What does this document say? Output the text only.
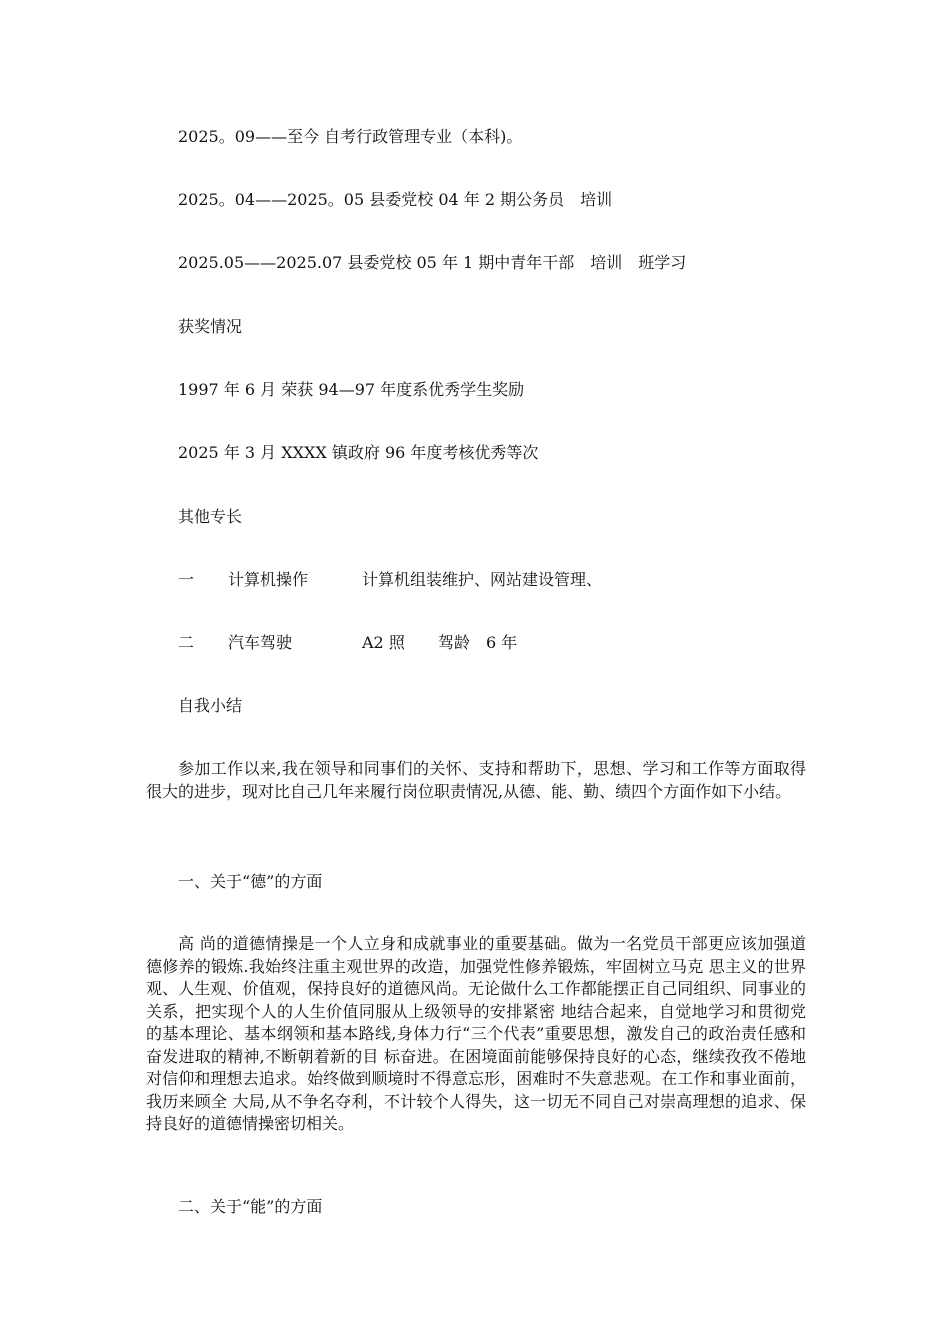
2025。09——至今 自考行政管理专业（本科)。
2025。04——2025。05 县委党校 04 年 2 期公务员　培训
2025.05——2025.07 县委党校 05 年 1 期中青年干部　培训　班学习
获奖情况
1997 年 6 月 荣获 94—97 年度系优秀学生奖励
2025 年 3 月 XXXX 镇政府 96 年度考核优秀等次
其他专长
一 计算机操作	计算机组装维护、网站建设管理、
二 汽车驾驶	A2 照 驾龄　6 年
自我小结
参加工作以来,我在领导和同事们的关怀、支持和帮助下，思想、学习和工作等方面取得很大的进步，现对比自己几年来履行岗位职责情况,从德、能、勤、绩四个方面作如下小结。
一、关于“德”的方面
高 尚的道德情操是一个人立身和成就事业的重要基础。做为一名党员干部更应该加强道德修养的锻炼.我始终注重主观世界的改造，加强党性修养锻炼，牢固树立马克 思主义的世界观、人生观、价值观，保持良好的道德风尚。无论做什么工作都能摆正自己同组织、同事业的关系，把实现个人的人生价值同服从上级领导的安排紧密 地结合起来，自觉地学习和贯彻党的基本理论、基本纲领和基本路线,身体力行“三个代表”重要思想，激发自己的政治责任感和奋发进取的精神,不断朝着新的目 标奋进。在困境面前能够保持良好的心态，继续孜孜不倦地对信仰和理想去追求。始终做到顺境时不得意忘形，困难时不失意悲观。在工作和事业面前，我历来顾全 大局,从不争名夺利，不计较个人得失，这一切无不同自己对崇高理想的追求、保持良好的道德情操密切相关。
二、关于“能”的方面
